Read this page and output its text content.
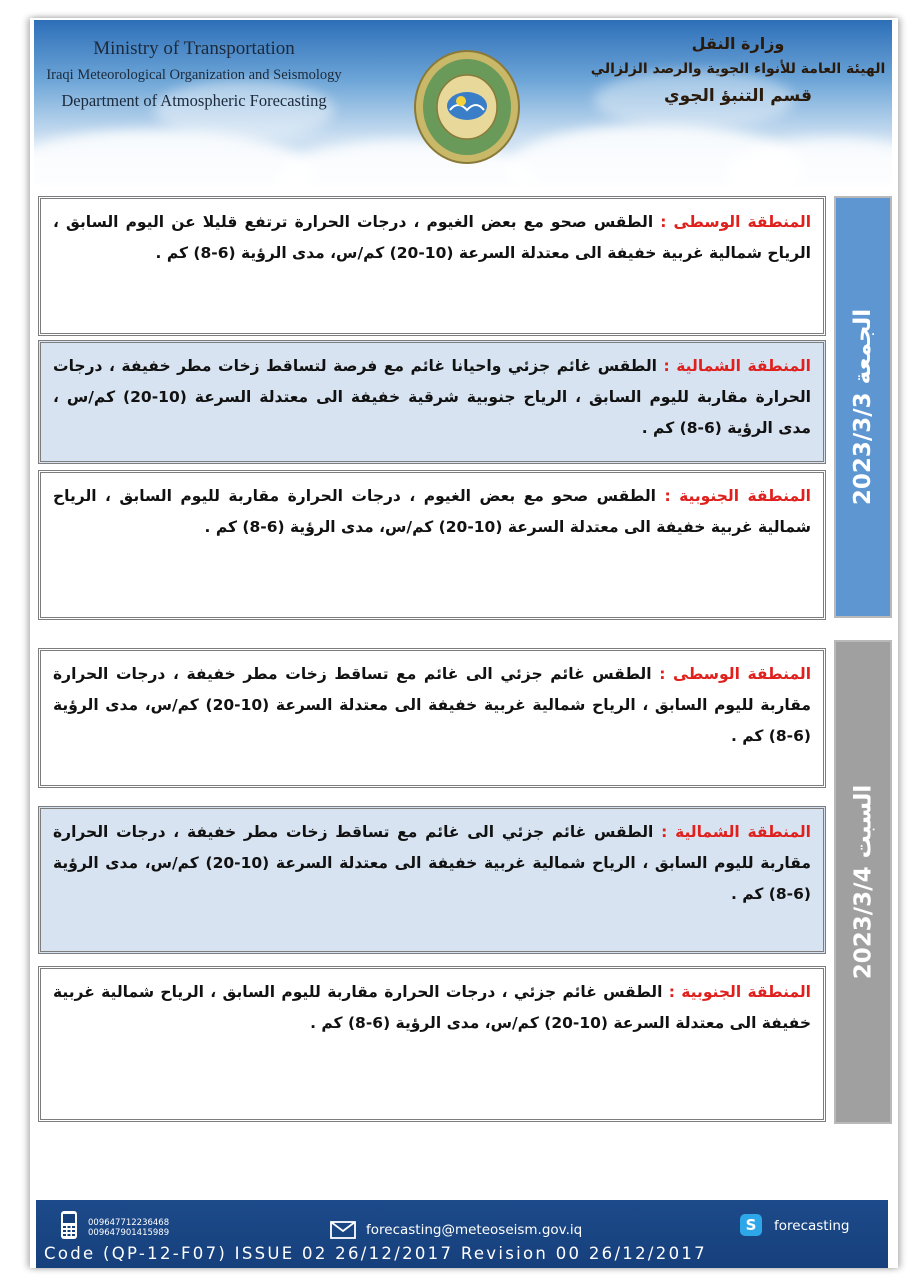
Ministry of Transportation
Iraqi Meteorological Organization and Seismology
Department of Atmospheric Forecasting
وزارة النقل
الهيئة العامة للأنواء الجوية والرصد الزلزالي
قسم التنبؤ الجوي
الجمعة 2023/3/3
المنطقة الوسطى : الطقس صحو مع بعض الغيوم ، درجات الحرارة ترتفع قليلا عن اليوم السابق ، الرياح شمالية غربية خفيفة الى معتدلة السرعة (10-20) كم/س، مدى الرؤية (6-8) كم .
المنطقة الشمالية : الطقس غائم جزئي واحيانا غائم مع فرصة لتساقط زخات مطر خفيفة ، درجات الحرارة مقاربة لليوم السابق ، الرياح جنوبية شرقية خفيفة الى معتدلة السرعة (10-20) كم/س ، مدى الرؤية (6-8) كم .
المنطقة الجنوبية : الطقس صحو مع بعض الغيوم ، درجات الحرارة مقاربة لليوم السابق ، الرياح شمالية غربية خفيفة الى معتدلة السرعة (10-20) كم/س، مدى الرؤية (6-8) كم .
السبت 2023/3/4
المنطقة الوسطى : الطقس غائم جزئي الى غائم مع تساقط زخات مطر خفيفة ، درجات الحرارة مقاربة لليوم السابق ، الرياح شمالية غربية خفيفة الى معتدلة السرعة (10-20) كم/س، مدى الرؤية (6-8) كم .
المنطقة الشمالية : الطقس غائم جزئي الى غائم مع تساقط زخات مطر خفيفة ، درجات الحرارة مقاربة لليوم السابق ، الرياح شمالية غربية خفيفة الى معتدلة السرعة (10-20) كم/س، مدى الرؤية (6-8) كم .
المنطقة الجنوبية : الطقس غائم جزئي ، درجات الحرارة مقاربة لليوم السابق ، الرياح شمالية غربية خفيفة الى معتدلة السرعة (10-20) كم/س، مدى الرؤية (6-8) كم .
009647712236468
009647901415989	forecasting@meteoseism.gov.iq	S	forecasting
Code (QP-12-F07) ISSUE 02 26/12/2017 Revision 00 26/12/2017
